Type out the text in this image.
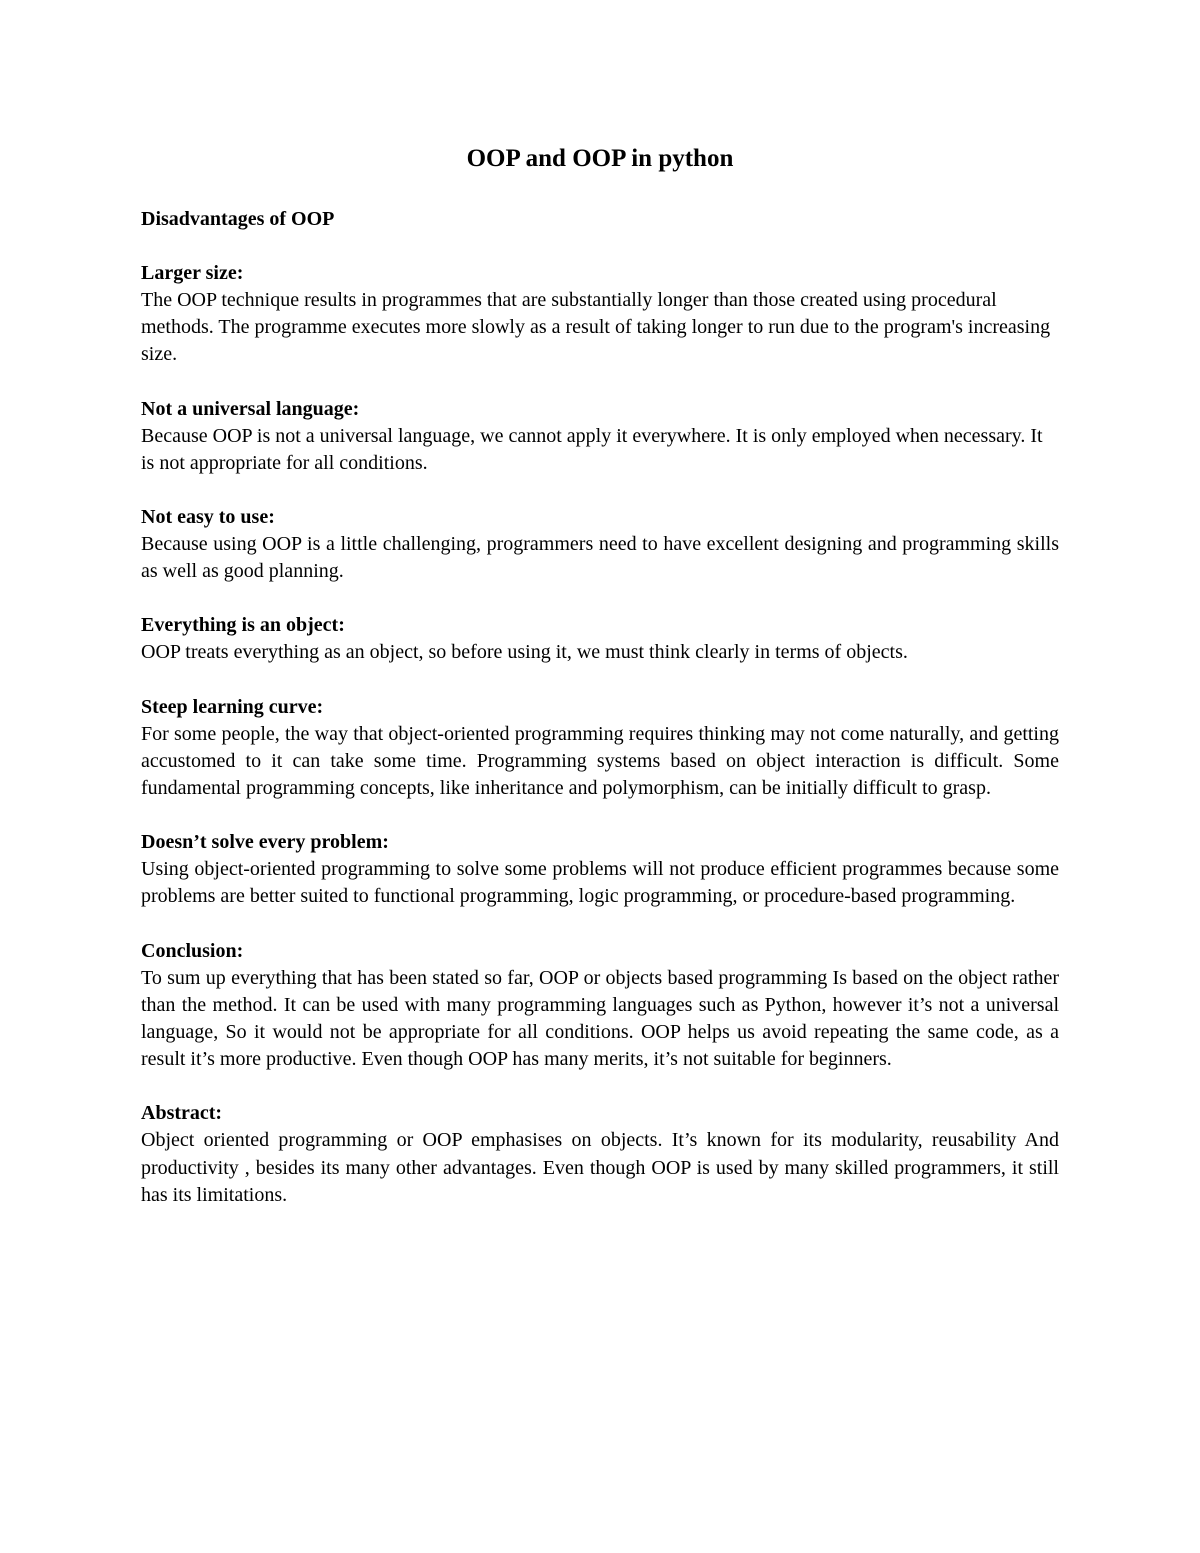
OOP and OOP in python
Disadvantages of OOP
Larger size:

The OOP technique results in programmes that are substantially longer than those created using procedural methods. The programme executes more slowly as a result of taking longer to run due to the program's increasing size.

Not a universal language:

Because OOP is not a universal language, we cannot apply it everywhere. It is only employed when necessary. It is not appropriate for all conditions.

Not easy to use:

Because using OOP is a little challenging, programmers need to have excellent designing and programming skills as well as good planning.

Everything is an object:

OOP treats everything as an object, so before using it, we must think clearly in terms of objects.

Steep learning curve:

For some people, the way that object-oriented programming requires thinking may not come naturally, and getting accustomed to it can take some time. Programming systems based on object interaction is difficult. Some fundamental programming concepts, like inheritance and polymorphism, can be initially difficult to grasp.

Doesn’t solve every problem:

Using object-oriented programming to solve some problems will not produce efficient programmes because some problems are better suited to functional programming, logic programming, or procedure-based programming.

Conclusion:

To sum up everything that has been stated so far, OOP or objects based programming Is based on the object rather than the method. It can be used with many programming languages such as Python, however it’s not a universal language, So it would not be appropriate for all conditions. OOP helps us avoid repeating the same code, as a result it’s more productive. Even though OOP has many merits, it’s not suitable for beginners.

Abstract:

Object oriented programming or OOP emphasises on objects. It’s known for its modularity, reusability And productivity , besides its many other advantages. Even though OOP is used by many skilled programmers, it still has its limitations.
